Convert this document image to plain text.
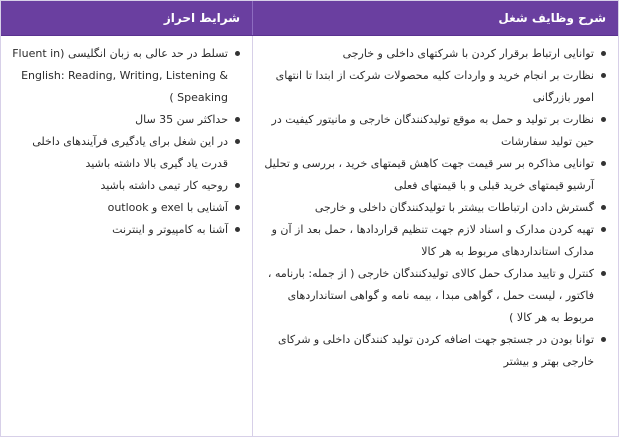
شرایط احراز	شرح وظایف شغل
تسلط در حد عالی به زبان انگلیسی (Fluent in English: Reading, Writing, Listening & Speaking )
حداکثر سن 35 سال
در این شغل برای یادگیری فرآیندهای داخلی قدرت یاد گیری بالا داشته باشید
روحیه کار تیمی داشته باشید
آشنایی با exel و outlook
آشنا به کامپیوتر و اینترنت
توانایی ارتباط برقرار کردن با شرکتهای داخلی و خارجی
نظارت بر انجام خرید و واردات کلیه محصولات شرکت از ابتدا تا انتهای امور بازرگانی
نظارت بر تولید و حمل به موقع تولیدکنندگان خارجی و مانیتور کیفیت در حین تولید سفارشات
توانایی مذاکره بر سر قیمت جهت کاهش قیمتهای خرید ، بررسی و تحلیل آرشیو قیمتهای خرید قبلی و با قیمتهای فعلی
گسترش دادن ارتباطات بیشتر با تولیدکنندگان داخلی و خارجی
تهیه کردن مدارک و اسناد لازم جهت تنظیم قراردادها ، حمل بعد از آن و مدارک استانداردهای مربوط به هر کالا
کنترل و تایید مدارک حمل کالای تولیدکنندگان خارجی ( از جمله: بارنامه ، فاکتور ، لیست حمل ، گواهی مبدا ، بیمه نامه و گواهی استانداردهای مربوط به هر کالا )
توانا بودن در جستجو جهت اضافه کردن تولید کنندگان داخلی و شرکای خارجی بهتر و بیشتر
